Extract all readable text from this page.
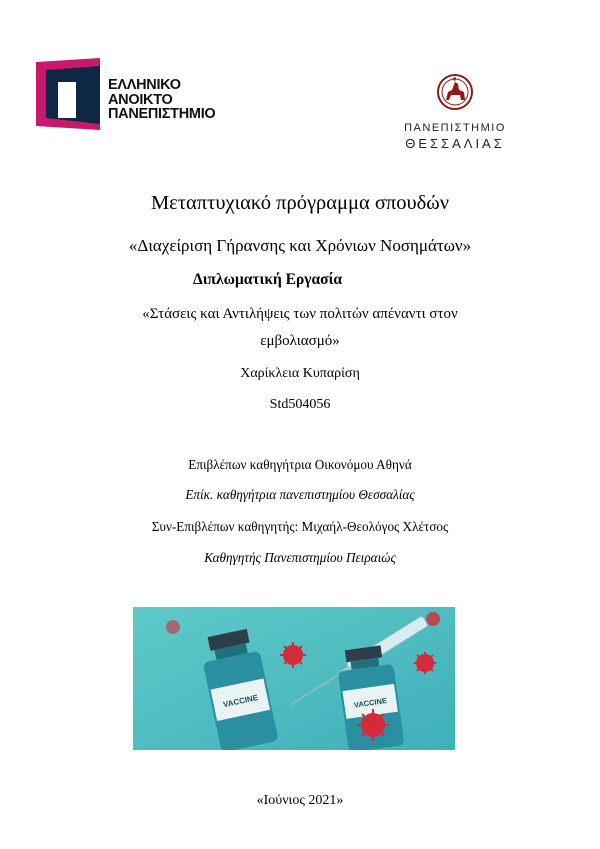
ΕΛΛΗΝΙΚΟ
ΑΝΟΙΚΤΟ
ΠΑΝΕΠΙΣΤΗΜΙΟ
ΠΑΝΕΠΙΣΤΗΜΙΟ
ΘΕΣΣΑΛΙΑΣ
Μεταπτυχιακό πρόγραμμα σπουδών
«Διαχείριση Γήρανσης και Χρόνιων Νοσημάτων»
Διπλωματική Εργασία
«Στάσεις και Αντιλήψεις των πολιτών απέναντι στον
εμβολιασμό»
Χαρίκλεια Κυπαρίση
Std504056
Επιβλέπων καθηγήτρια Οικονόμου Αθηνά
Επίκ. καθηγήτρια πανεπιστημίου Θεσσαλίας
Συν-Επιβλέπων καθηγητής: Μιχαήλ-Θεολόγος Χλέτσος
Καθηγητής Πανεπιστημίου Πειραιώς
VACCINE	VACCINE
«Ιούνιος 2021»
